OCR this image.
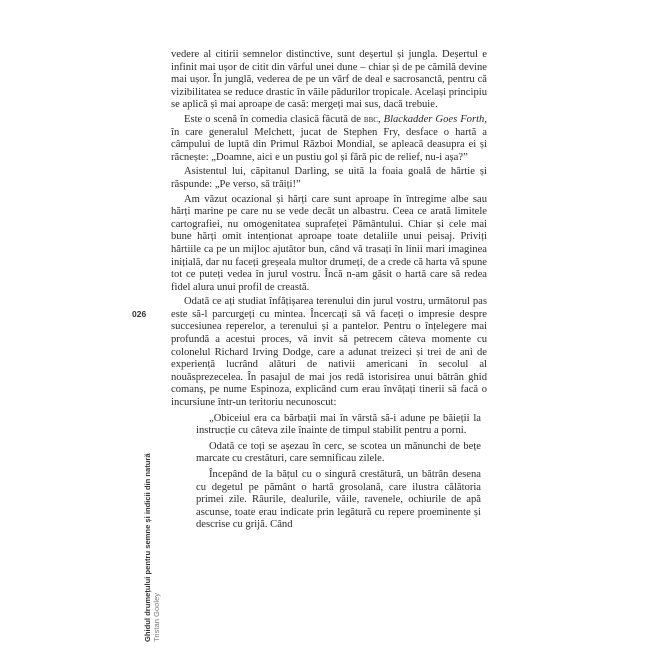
vedere al citirii semnelor distinctive, sunt deșertul și jungla. Deșertul e infinit mai ușor de citit din vârful unei dune – chiar și de pe cămilă devine mai ușor. În junglă, vederea de pe un vârf de deal e sacrosanctă, pentru că vizibilitatea se reduce drastic în văile pădurilor tropicale. Același principiu se aplică și mai aproape de casă: mergeți mai sus, dacă trebuie.

Este o scenă în comedia clasică făcută de bbc, Blackadder Goes Forth, în care generalul Melchett, jucat de Stephen Fry, desface o hartă a câmpului de luptă din Primul Război Mondial, se apleacă deasupra ei și răcnește: „Doamne, aici e un pustiu gol și fără pic de relief, nu-i așa?”

Asistentul lui, căpitanul Darling, se uită la foaia goală de hârtie și răspunde: „Pe verso, să trăiți!”

Am văzut ocazional și hărți care sunt aproape în întregime albe sau hărți marine pe care nu se vede decât un albastru. Ceea ce arată limitele cartografiei, nu omogenitatea suprafeței Pământului. Chiar și cele mai bune hărți omit intenționat aproape toate detaliile unui peisaj. Priviți hârtiile ca pe un mijloc ajutător bun, când vă trasați în linii mari imaginea inițială, dar nu faceți greșeala multor drumeți, de a crede că harta vă spune tot ce puteți vedea în jurul vostru. Încă n-am găsit o hartă care să redea fidel alura unui profil de creastă.

Odată ce ați studiat înfățișarea terenului din jurul vostru, următorul pas este să-l parcurgeți cu mintea. Încercați să vă faceți o impresie despre succesiunea reperelor, a terenului și a pantelor. Pentru o înțelegere mai profundă a acestui proces, vă invit să petrecem câteva momente cu colonelul Richard Irving Dodge, care a adunat treizeci și trei de ani de experiență lucrând alături de nativii americani în secolul al nouăsprezecelea. În pasajul de mai jos redă istorisirea unui bătrân ghid comanș, pe nume Espinoza, explicând cum erau învățați tinerii să facă o incursiune într-un teritoriu necunoscut:

„Obiceiul era ca bărbații mai în vârstă să-i adune pe băieții la instrucție cu câteva zile înainte de timpul stabilit pentru a porni.

Odată ce toți se așezau în cerc, se scotea un mănunchi de bețe marcate cu crestături, care semnificau zilele.

Începând de la bățul cu o singură crestătură, un bătrân desena cu degetul pe pământ o hartă grosolană, care ilustra călătoria primei zile. Râurile, dealurile, văile, ravenele, ochiurile de apă ascunse, toate erau indicate prin legătură cu repere proeminente și descrise cu grijă. Când

026
Ghidul drumețului pentru semne și indicii din natură Tristan Gooley
